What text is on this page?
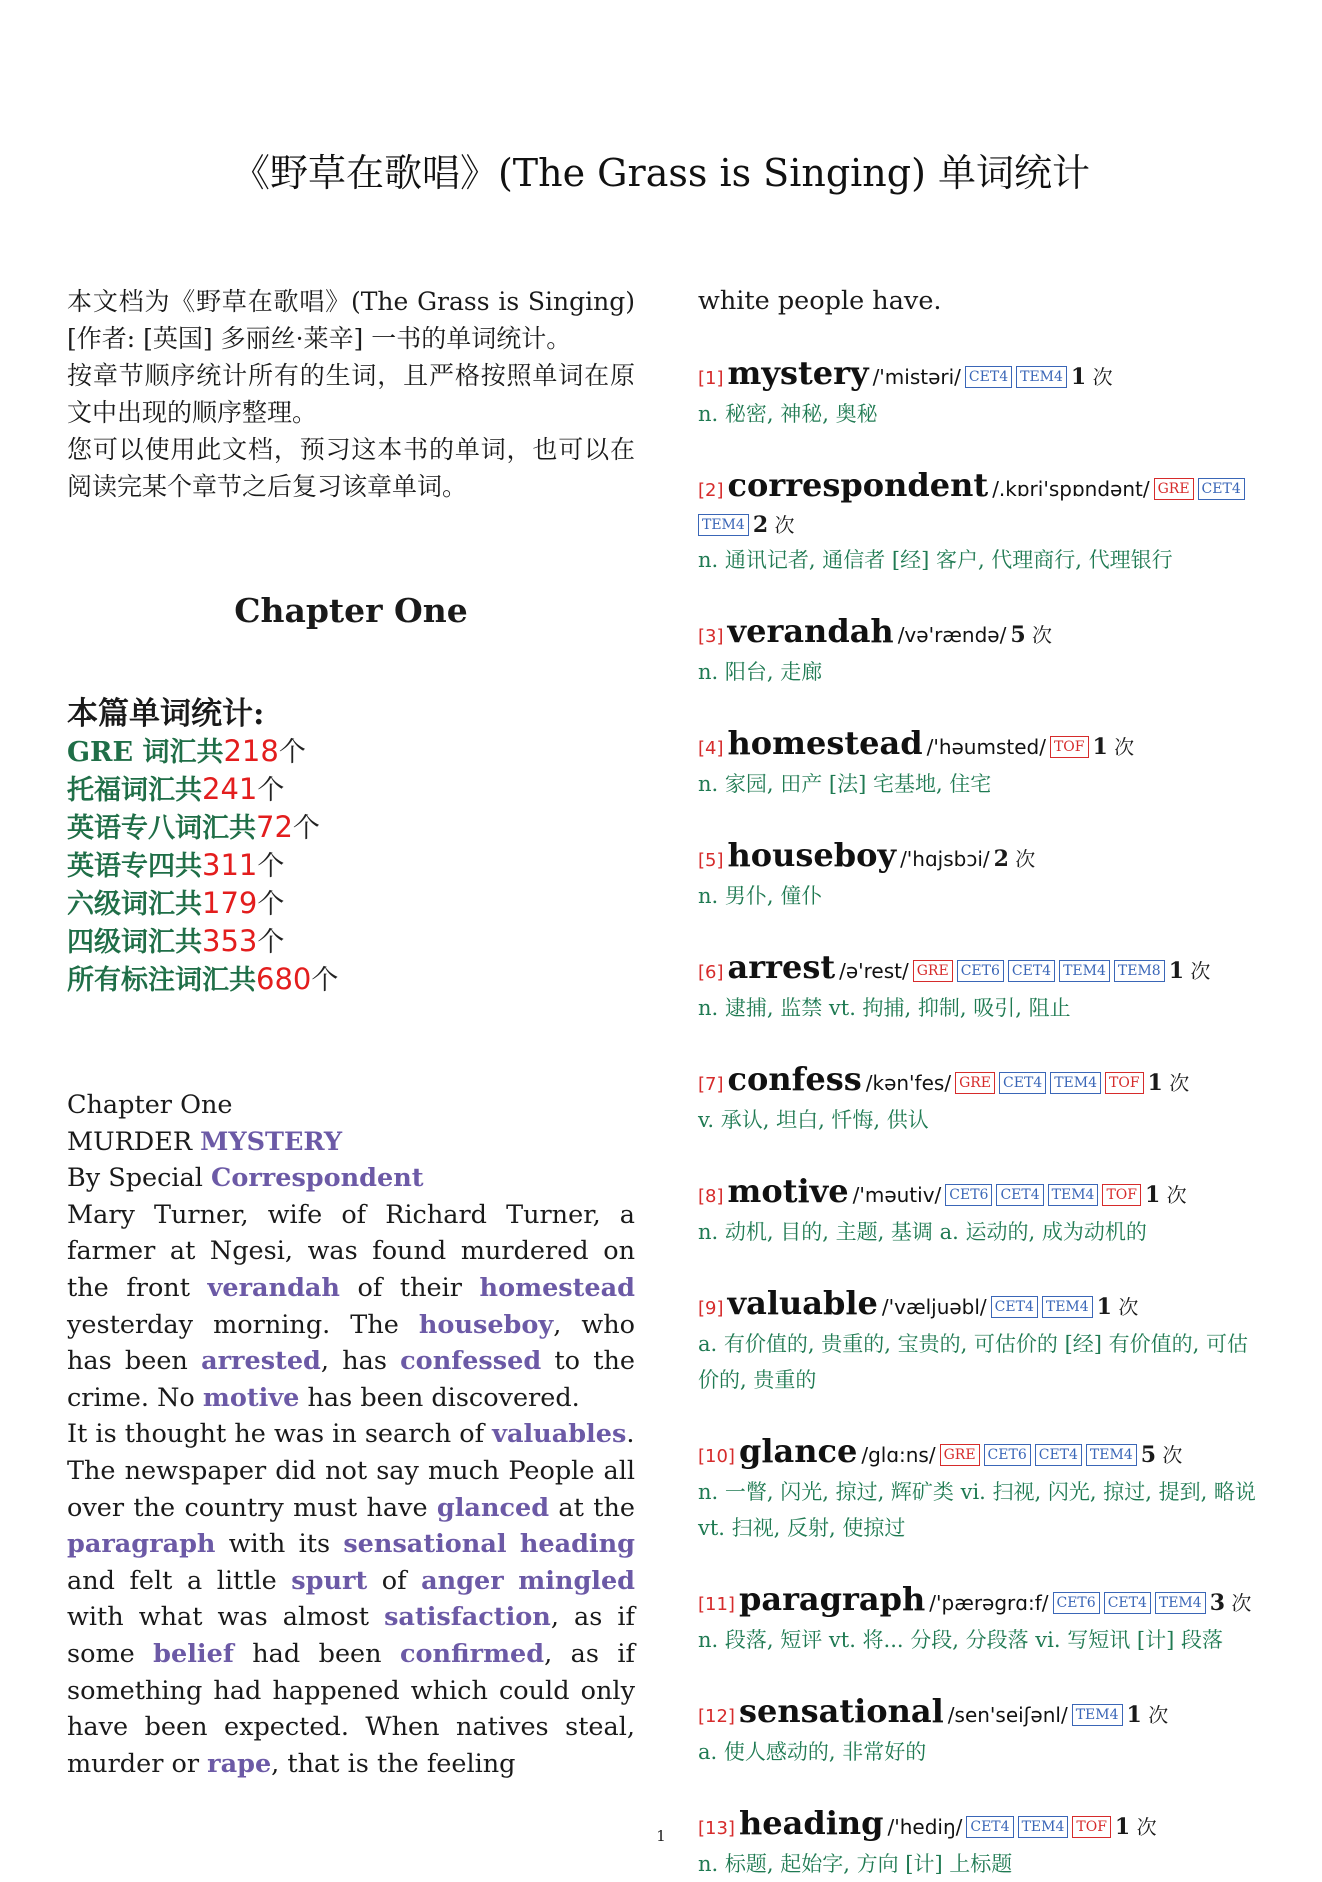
《野草在歌唱》(The Grass is Singing) 单词统计

本文档为《野草在歌唱》(The Grass is Singing)[作者: [英国] 多丽丝·莱辛] 一书的单词统计。

按章节顺序统计所有的生词，且严格按照单词在原文中出现的顺序整理。

您可以使用此文档，预习这本书的单词，也可以在阅读完某个章节之后复习该章单词。

Chapter One
本篇单词统计:
GRE 词汇共218个
托福词汇共241个
英语专八词汇共72个
英语专四共311个
六级词汇共179个
四级词汇共353个
所有标注词汇共680个
Chapter One
MURDER MYSTERY
By Special Correspondent
Mary Turner, wife of Richard Turner, a farmer at Ngesi, was found murdered on the front verandah of their homestead yesterday morning. The houseboy, who has been arrested, has confessed to the crime. No motive has been discovered.
It is thought he was in search of valuables.
The newspaper did not say much People all over the country must have glanced at the paragraph with its sensational heading and felt a little spurt of anger mingled with what was almost satisfaction, as if some belief had been confirmed, as if something had happened which could only have been expected. When natives steal, murder or rape, that is the feeling
white people have.
[1] mystery /'mistəri/ CET4 TEM4 1 次
n. 秘密, 神秘, 奥秘
[2] correspondent /.kɒri'spɒndənt/ GRE CET4TEM4 2 次
n. 通讯记者, 通信者 [经] 客户, 代理商行, 代理银行
[3] verandah /və'rændə/ 5 次
n. 阳台, 走廊
[4] homestead /'həumsted/ TOF 1 次
n. 家园, 田产 [法] 宅基地, 住宅
[5] houseboy /'hɑjsbɔi/ 2 次
n. 男仆, 僮仆
[6] arrest /ə'rest/ GRE CET6 CET4 TEM4 TEM8 1 次
n. 逮捕, 监禁 vt. 拘捕, 抑制, 吸引, 阻止
[7] confess /kən'fes/ GRE CET4 TEM4 TOF 1 次
v. 承认, 坦白, 忏悔, 供认
[8] motive /'məutiv/ CET6 CET4 TEM4 TOF 1 次
n. 动机, 目的, 主题, 基调 a. 运动的, 成为动机的
[9] valuable /'væljuəbl/ CET4 TEM4 1 次
a. 有价值的, 贵重的, 宝贵的, 可估价的 [经] 有价值的, 可估价的, 贵重的
[10] glance /glɑ:ns/ GRE CET6 CET4 TEM4 5 次
n. 一瞥, 闪光, 掠过, 辉矿类 vi. 扫视, 闪光, 掠过, 提到, 略说 vt. 扫视, 反射, 使掠过
[11] paragraph /'pærəgrɑ:f/ CET6 CET4 TEM4 3 次
n. 段落, 短评 vt. 将... 分段, 分段落 vi. 写短讯 [计] 段落
[12] sensational /sen'seiʃənl/ TEM4 1 次
a. 使人感动的, 非常好的
[13] heading /'hediŋ/ CET4 TEM4 TOF 1 次
n. 标题, 起始字, 方向 [计] 上标题
1
